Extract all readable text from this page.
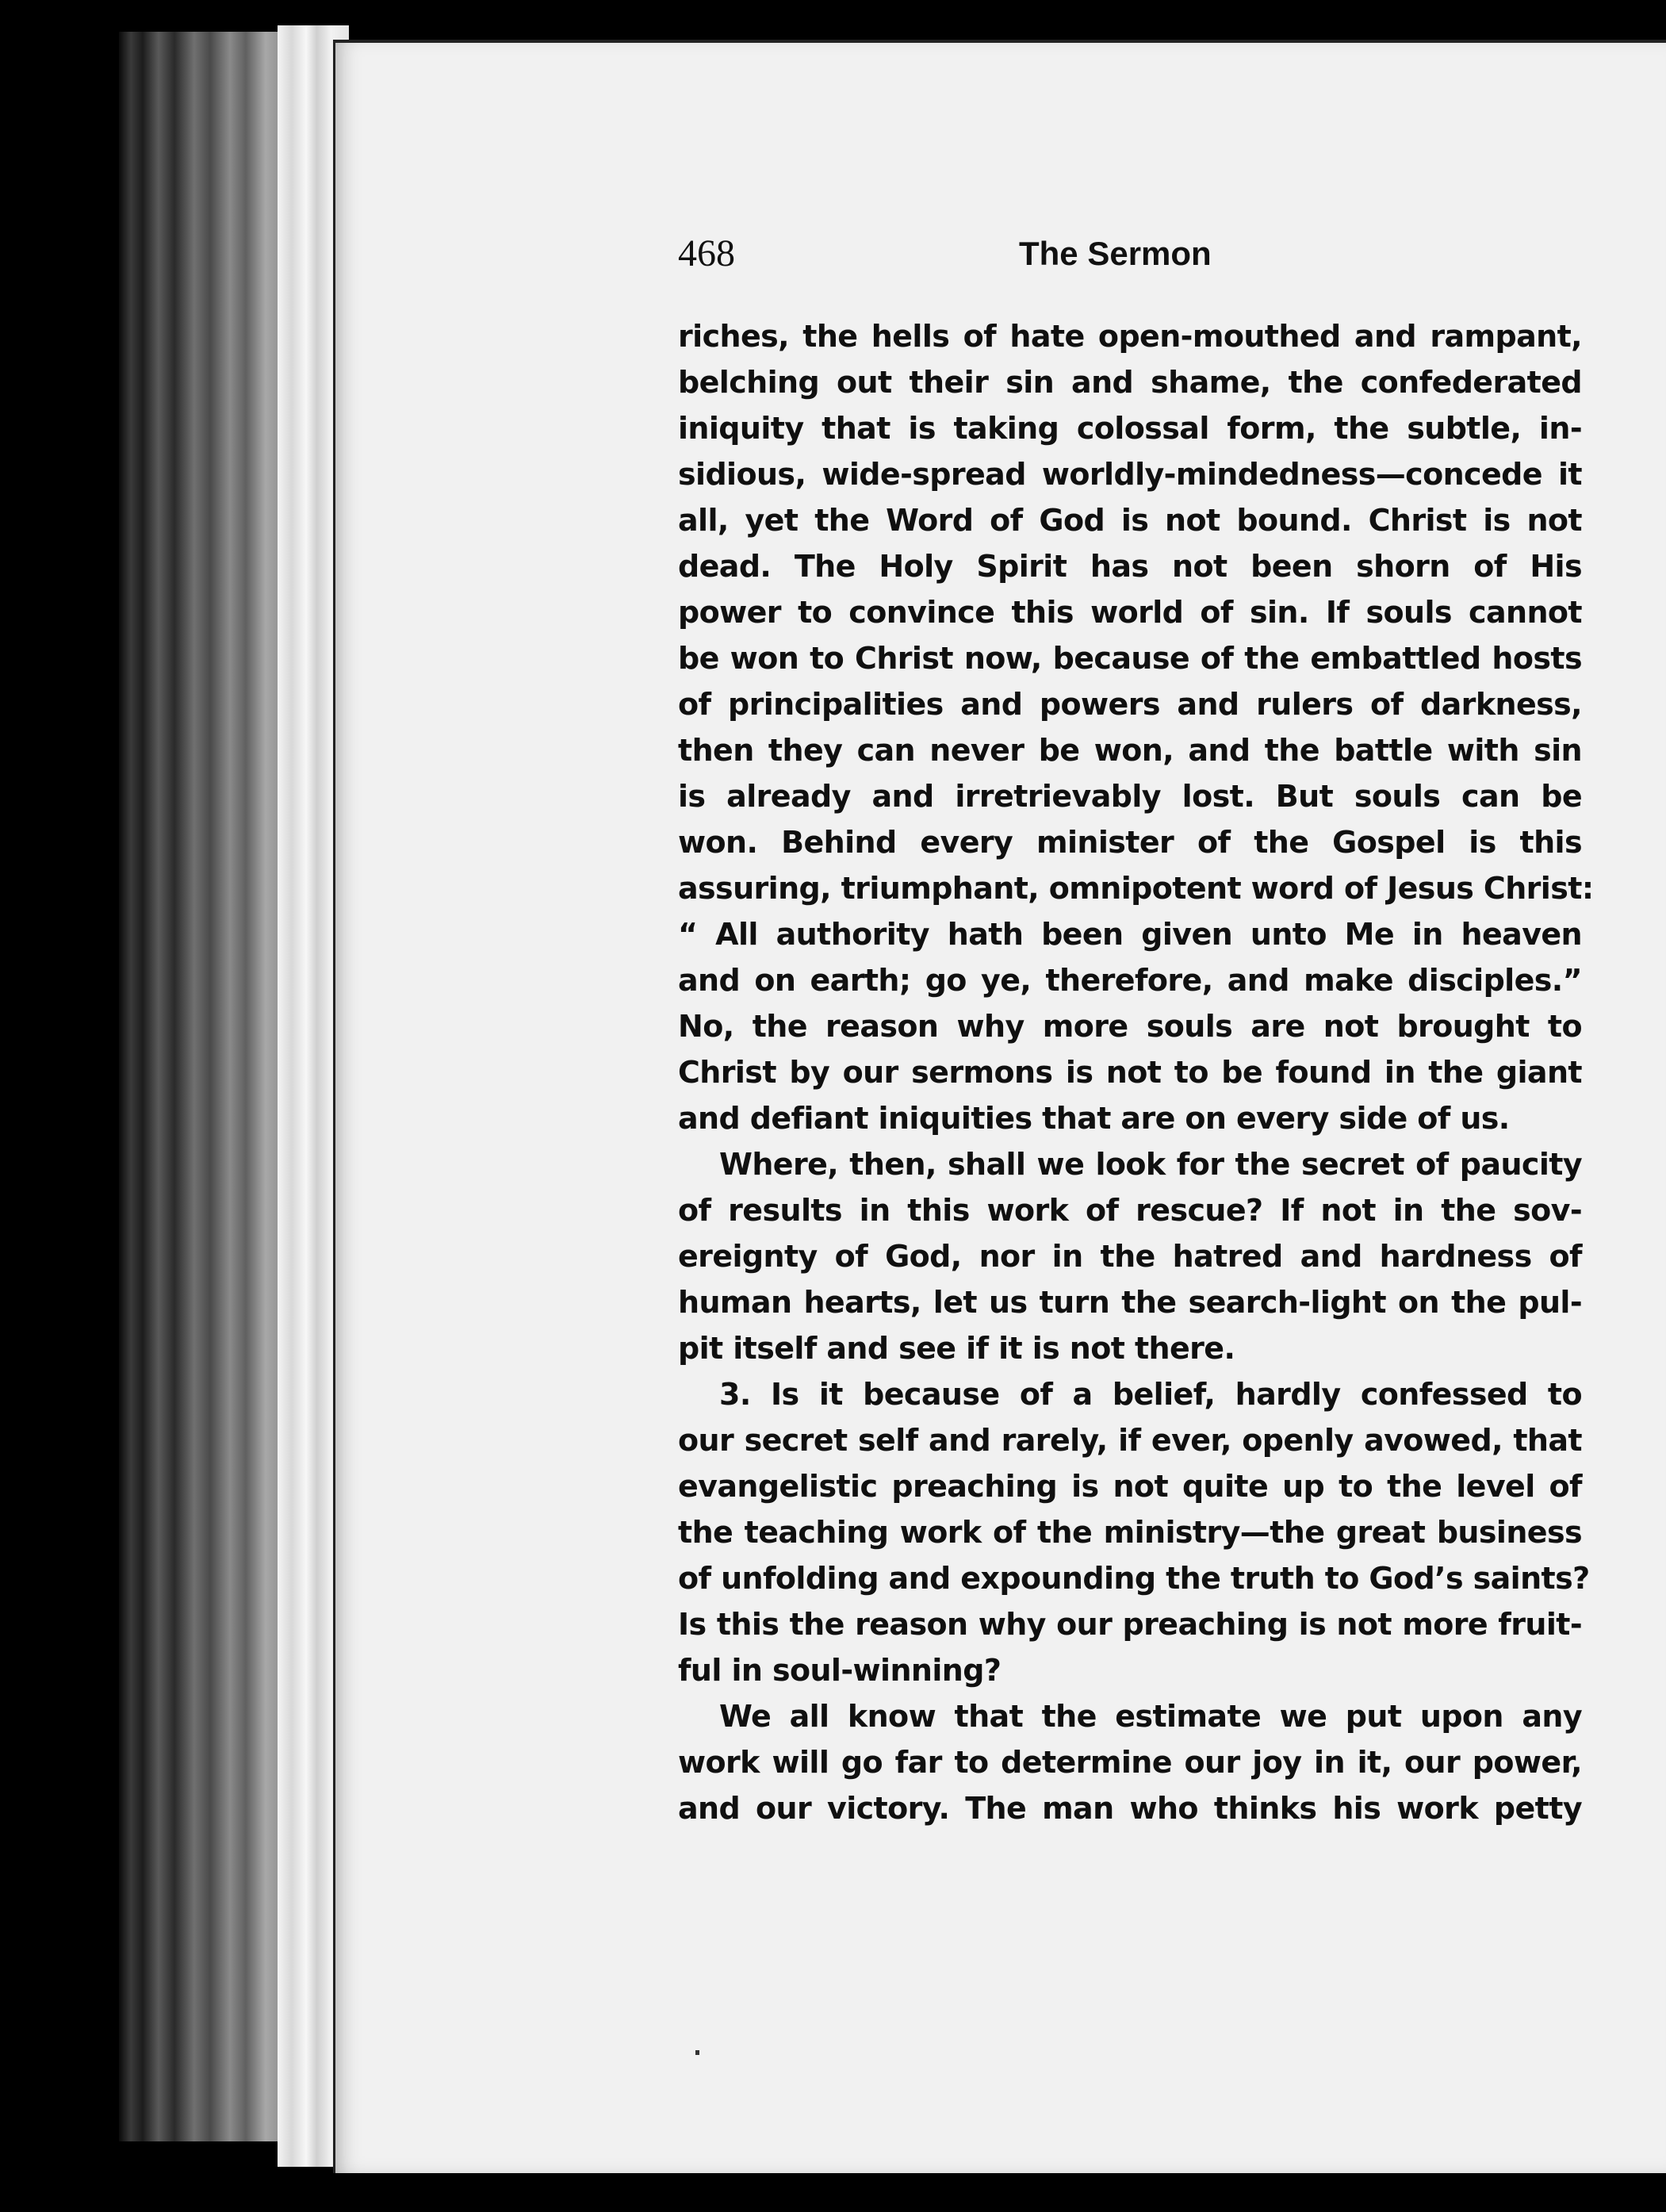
468	The Sermon
riches, the hells of hate open-mouthed and rampant,
belching out their sin and shame, the confederated
iniquity that is taking colossal form, the subtle, in-
sidious, wide-spread worldly-mindedness—concede it
all, yet the Word of God is not bound. Christ is not
dead. The Holy Spirit has not been shorn of His
power to convince this world of sin. If souls cannot
be won to Christ now, because of the embattled hosts
of principalities and powers and rulers of darkness,
then they can never be won, and the battle with sin
is already and irretrievably lost. But souls can be
won. Behind every minister of the Gospel is this
assuring, triumphant, omnipotent word of Jesus Christ:
“ All authority hath been given unto Me in heaven
and on earth; go ye, therefore, and make disciples.”
No, the reason why more souls are not brought to
Christ by our sermons is not to be found in the giant
and defiant iniquities that are on every side of us.
Where, then, shall we look for the secret of paucity
of results in this work of rescue? If not in the sov-
ereignty of God, nor in the hatred and hardness of
human hearts, let us turn the search-light on the pul-
pit itself and see if it is not there.
3. Is it because of a belief, hardly confessed to
our secret self and rarely, if ever, openly avowed, that
evangelistic preaching is not quite up to the level of
the teaching work of the ministry—the great business
of unfolding and expounding the truth to God’s saints?
Is this the reason why our preaching is not more fruit-
ful in soul-winning?
We all know that the estimate we put upon any
work will go far to determine our joy in it, our power,
and our victory. The man who thinks his work petty
